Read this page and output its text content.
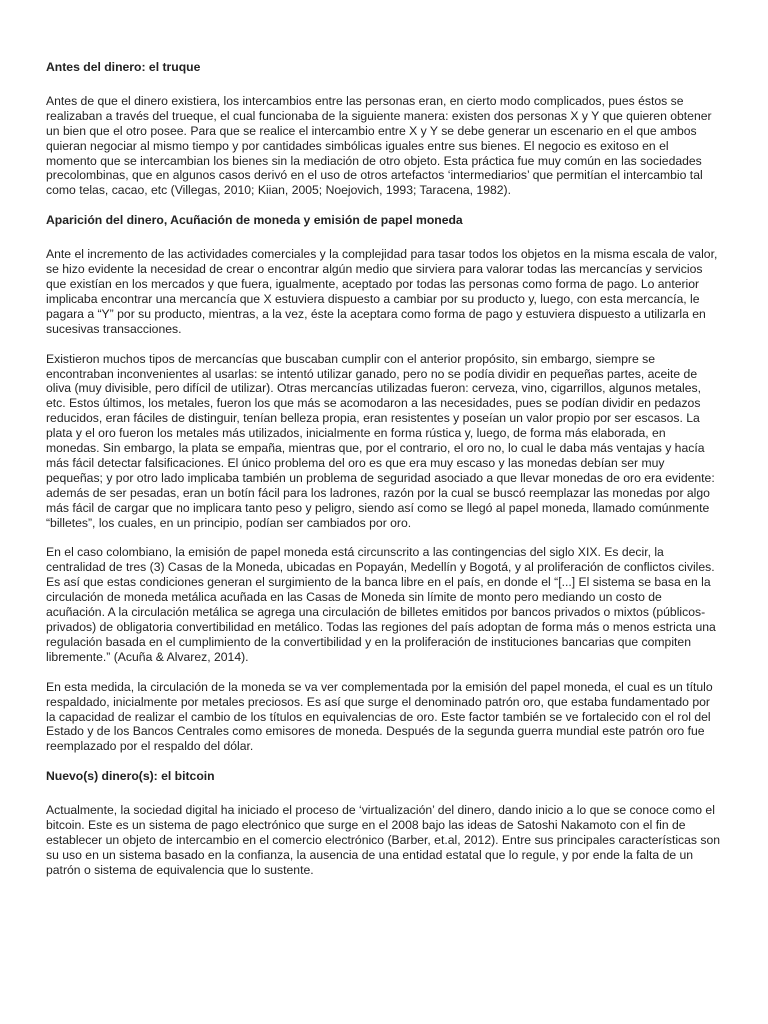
Antes del dinero: el truque

Antes de que el dinero existiera, los intercambios entre las personas eran, en cierto modo complicados, pues éstos se realizaban a través del trueque, el cual funcionaba de la siguiente manera: existen dos personas X y Y que quieren obtener un bien que el otro posee. Para que se realice el intercambio entre X y Y se debe generar un escenario en el que ambos quieran negociar al mismo tiempo y por cantidades simbólicas iguales entre sus bienes. El negocio es exitoso en el momento que se intercambian los bienes sin la mediación de otro objeto. Esta práctica fue muy común en las sociedades precolombinas, que en algunos casos derivó en el uso de otros artefactos ‘intermediarios’ que permitían el intercambio tal como telas, cacao, etc (Villegas, 2010; Kiian, 2005; Noejovich, 1993; Taracena, 1982).

Aparición del dinero, Acuñación de moneda y emisión de papel moneda

Ante el incremento de las actividades comerciales y la complejidad para tasar todos los objetos en la misma escala de valor, se hizo evidente la necesidad de crear o encontrar algún medio que sirviera para valorar todas las mercancías y servicios que existían en los mercados y que fuera, igualmente, aceptado por todas las personas como forma de pago. Lo anterior implicaba encontrar una mercancía que X estuviera dispuesto a cambiar por su producto y, luego, con esta mercancía, le pagara a “Y” por su producto, mientras, a la vez, éste la aceptara como forma de pago y estuviera dispuesto a utilizarla en sucesivas transacciones.

Existieron muchos tipos de mercancías que buscaban cumplir con el anterior propósito, sin embargo, siempre se encontraban inconvenientes al usarlas: se intentó utilizar ganado, pero no se podía dividir en pequeñas partes, aceite de oliva (muy divisible, pero difícil de utilizar). Otras mercancías utilizadas fueron: cerveza, vino, cigarrillos, algunos metales, etc. Estos últimos, los metales, fueron los que más se acomodaron a las necesidades, pues se podían dividir en pedazos reducidos, eran fáciles de distinguir, tenían belleza propia, eran resistentes y poseían un valor propio por ser escasos. La plata y el oro fueron los metales más utilizados, inicialmente en forma rústica y, luego, de forma más elaborada, en monedas. Sin embargo, la plata se empaña, mientras que, por el contrario, el oro no, lo cual le daba más ventajas y hacía más fácil detectar falsificaciones. El único problema del oro es que era muy escaso y las monedas debían ser muy pequeñas; y por otro lado implicaba también un problema de seguridad asociado a que llevar monedas de oro era evidente: además de ser pesadas, eran un botín fácil para los ladrones, razón por la cual se buscó reemplazar las monedas por algo más fácil de cargar que no implicara tanto peso y peligro, siendo así como se llegó al papel moneda, llamado comúnmente “billetes”, los cuales, en un principio, podían ser cambiados por oro.

En el caso colombiano, la emisión de papel moneda está circunscrito a las contingencias del siglo XIX. Es decir, la centralidad de tres (3) Casas de la Moneda, ubicadas en Popayán, Medellín y Bogotá, y al proliferación de conflictos civiles. Es así que estas condiciones generan el surgimiento de la banca libre en el país, en donde el “[...] El sistema se basa en la circulación de moneda metálica acuñada en las Casas de Moneda sin límite de monto pero mediando un costo de acuñación. A la circulación metálica se agrega una circulación de billetes emitidos por bancos privados o mixtos (públicos-privados) de obligatoria convertibilidad en metálico. Todas las regiones del país adoptan de forma más o menos estricta una regulación basada en el cumplimiento de la convertibilidad y en la proliferación de instituciones bancarias que compiten libremente.” (Acuña & Alvarez, 2014).

En esta medida, la circulación de la moneda se va ver complementada por la emisión del papel moneda, el cual es un título respaldado, inicialmente por metales preciosos. Es así que surge el denominado patrón oro, que estaba fundamentado por la capacidad de realizar el cambio de los títulos en equivalencias de oro. Este factor también se ve fortalecido con el rol del Estado y de los Bancos Centrales como emisores de moneda. Después de la segunda guerra mundial este patrón oro fue reemplazado por el respaldo del dólar.

Nuevo(s) dinero(s): el bitcoin

Actualmente, la sociedad digital ha iniciado el proceso de ‘virtualización’ del dinero, dando inicio a lo que se conoce como el bitcoin. Este es un sistema de pago electrónico que surge en el 2008 bajo las ideas de Satoshi Nakamoto con el fin de establecer un objeto de intercambio en el comercio electrónico (Barber, et.al, 2012). Entre sus principales características son su uso en un sistema basado en la confianza, la ausencia de una entidad estatal que lo regule, y por ende la falta de un patrón o sistema de equivalencia que lo sustente.
